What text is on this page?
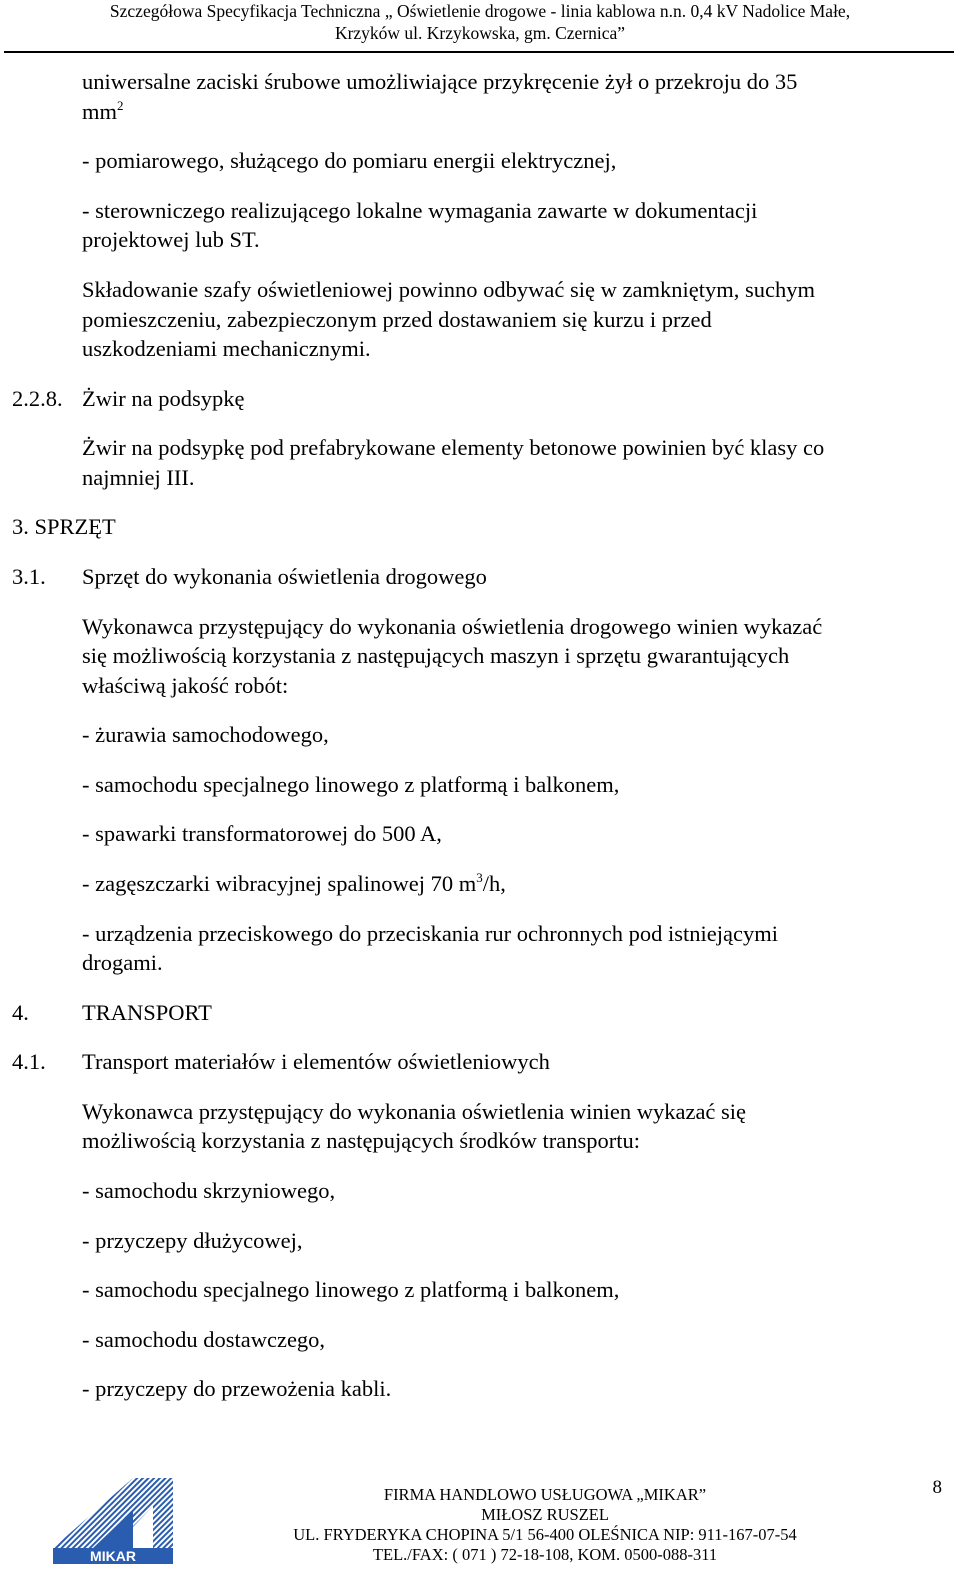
Szczegółowa Specyfikacja Techniczna „ Oświetlenie drogowe - linia kablowa n.n. 0,4 kV Nadolice Małe,
Krzyków ul. Krzykowska, gm. Czernica”
uniwersalne zaciski śrubowe umożliwiające przykręcenie żył o przekroju do 35
$mm^2$
- pomiarowego, służącego do pomiaru energii elektrycznej,
- sterowniczego realizującego lokalne wymagania zawarte w dokumentacji
projektowej lub ST.
Składowanie szafy oświetleniowej powinno odbywać się w zamkniętym, suchym
pomieszczeniu, zabezpieczonym przed dostawaniem się kurzu i przed
uszkodzeniami mechanicznymi.
2.2.8. Żwir na podsypkę
Żwir na podsypkę pod prefabrykowane elementy betonowe powinien być klasy co
najmniej III.
3. SPRZĘT
3.1. Sprzęt do wykonania oświetlenia drogowego
Wykonawca przystępujący do wykonania oświetlenia drogowego winien wykazać
się możliwością korzystania z następujących maszyn i sprzętu gwarantujących
właściwą jakość robót:
- żurawia samochodowego,
- samochodu specjalnego linowego z platformą i balkonem,
- spawarki transformatorowej do 500 A,
- zagęszczarki wibracyjnej spalinowej 70 $m^3/h$,
- urządzenia przeciskowego do przeciskania rur ochronnych pod istniejącymi
drogami.
4. TRANSPORT
4.1. Transport materiałów i elementów oświetleniowych
Wykonawca przystępujący do wykonania oświetlenia winien wykazać się
możliwością korzystania z następujących środków transportu:
- samochodu skrzyniowego,
- przyczepy dłużycowej,
- samochodu specjalnego linowego z platformą i balkonem,
- samochodu dostawczego,
- przyczepy do przewożenia kabli.
MIKAR
FIRMA HANDLOWO USŁUGOWA „MIKAR”
MIŁOSZ RUSZEL
UL. FRYDERYKA CHOPINA 5/1 56-400 OLEŚNICA NIP: 911-167-07-54
TEL./FAX: ( 071 ) 72-18-108, KOM. 0500-088-311
8
